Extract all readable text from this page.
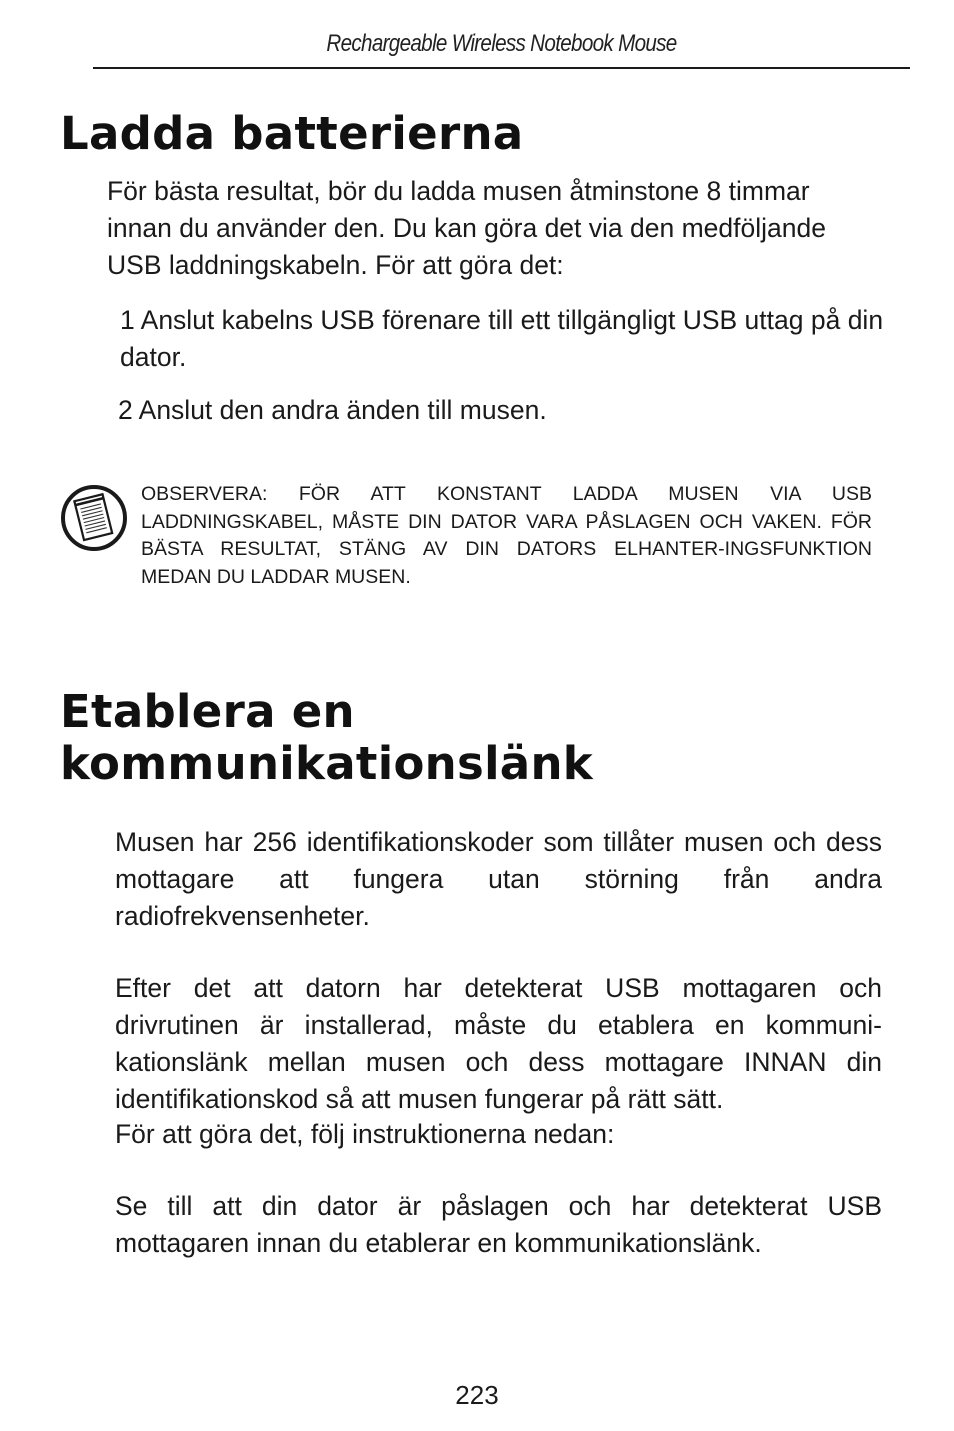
Rechargeable Wireless Notebook Mouse
Ladda batterierna

För bästa resultat, bör du ladda musen åtminstone 8 timmar innan du använder den. Du kan göra det via den medföljande USB laddningskabeln. För att göra det:

1 Anslut kabelns USB förenare till ett tillgängligt USB uttag på din dator.

2 Anslut den andra änden till musen.

OBSERVERA: FÖR ATT KONSTANT LADDA MUSEN VIA USB LADDNINGSKABEL, MÅSTE DIN DATOR VARA PÅSLAGEN OCH VAKEN. FÖR BÄSTA RESULTAT, STÄNG AV DIN DATORS ELHANTER-INGSFUNKTION MEDAN DU LADDAR MUSEN.

Etablera en
kommunikationslänk

Musen har 256 identifikationskoder som tillåter musen och dess mottagare att fungera utan störning från andra radiofrekvensenheter.

Efter det att datorn har detekterat USB mottagaren och drivrutinen är installerad, måste du etablera en kommuni-kationslänk mellan musen och dess mottagare INNAN din identifikationskod så att musen fungerar på rätt sätt.

För att göra det, följ instruktionerna nedan:

Se till att din dator är påslagen och har detekterat USB mottagaren innan du etablerar en kommunikationslänk.

223
